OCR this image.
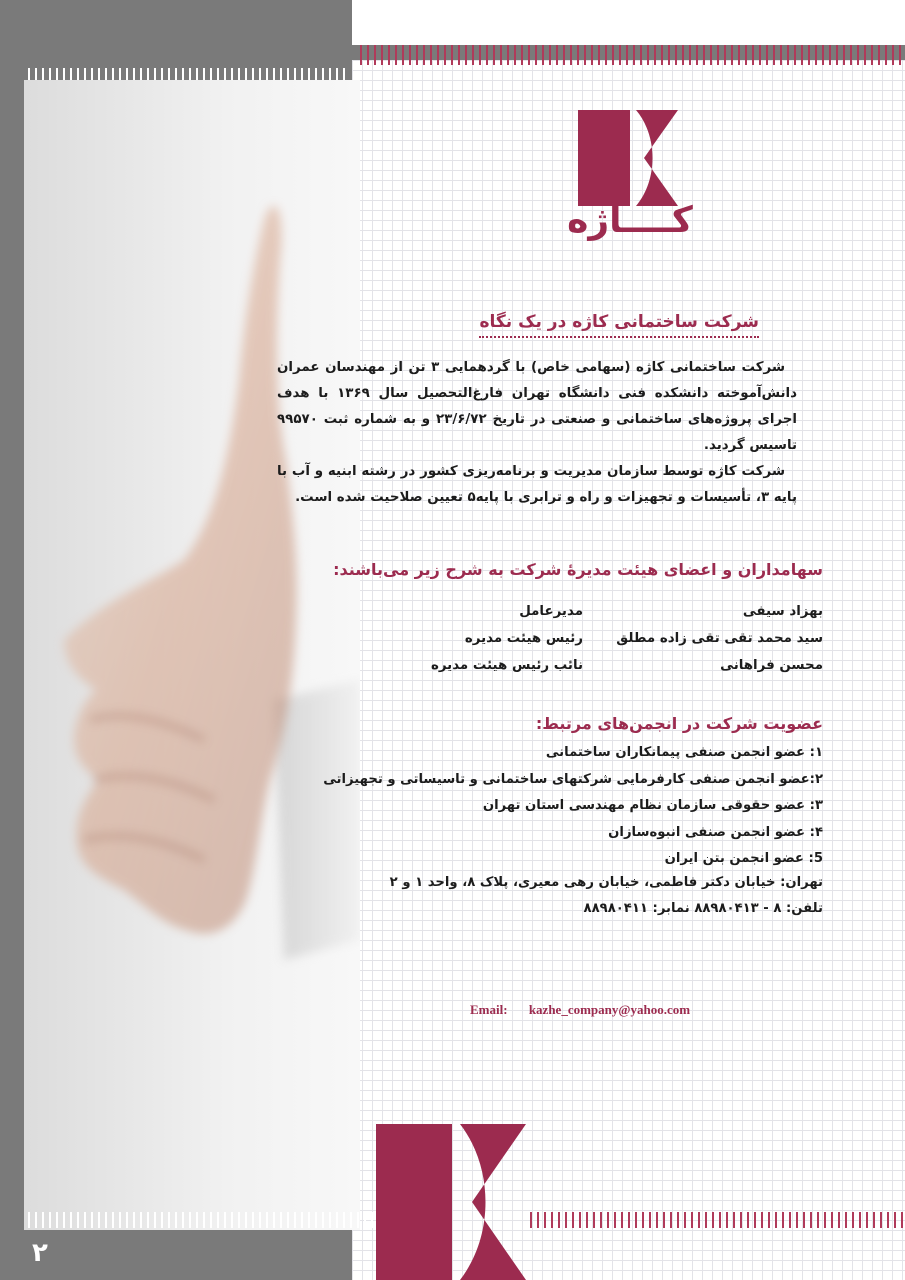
کــــاژه
شرکت ساختمانی کاژه در یک نگاه

شرکت ساختمانی کاژه (سهامی خاص) با گردهمایی ۳ تن از مهندسان عمران دانش‌آموخته دانشکده فنی دانشگاه تهران فارغ‌التحصیل سال ۱۳۶۹ با هدف اجرای پروژه‌های ساختمانی و صنعتی در تاریخ ۲۳/۶/۷۲ و به شماره ثبت ۹۹۵۷۰ تاسیس گردید.

شرکت کاژه توسط سازمان مدیریت و برنامه‌ریزی کشور در رشته ابنیه و آب با پایه ۳، تأسیسات و تجهیزات و راه و ترابری با پایه۵ تعیین صلاحیت شده است.

سهامداران و اعضای هیئت مدیرهٔ شرکت به شرح زیر می‌باشند:
بهزاد سیفی
مدیرعامل
سید محمد تقی تقی زاده مطلق
رئیس هیئت مدیره
محسن فراهانی
نائب رئیس هیئت مدیره
عضویت شرکت در انجمن‌های مرتبط:
۱: عضو انجمن صنفی پیمانکاران ساختمانی
۲:عضو انجمن صنفی کارفرمایی شرکتهای ساختمانی و تاسیساتی و تجهیزاتی
۳: عضو حقوقی سازمان نظام مهندسی استان تهران
۴: عضو انجمن صنفی انبوه‌سازان
5: عضو انجمن بتن ایران
تهران: خیابان دکتر فاطمی، خیابان رهی معیری، پلاک ۸، واحد ۱ و ۲
تلفن: ۸ - ۸۸۹۸۰۴۱۳ نمابر: ۸۸۹۸۰۴۱۱
Email: kazhe_company@yahoo.com
۲
